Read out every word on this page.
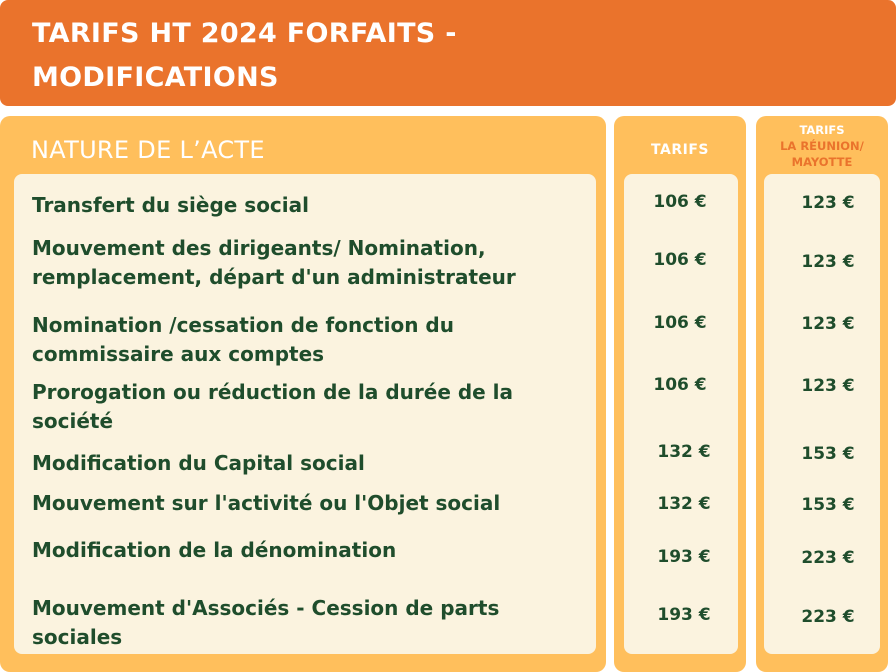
TARIFS HT 2024 FORFAITS -
MODIFICATIONS
NATURE DE L’ACTE	TARIFS
TARIFS
LA RÉUNION/
MAYOTTE
Transfert du siège social	106 €	123 €
Mouvement des dirigeants/ Nomination,
remplacement, départ d'un administrateur
106 €	123 €
Nomination /cessation de fonction du
commissaire aux comptes
106 €	123 €
Prorogation ou réduction de la durée de la
société
106 €	123 €
Modification du Capital social	132 €	153 €
Mouvement sur l'activité ou l'Objet social	132 €	153 €
Modification de la dénomination	193 €	223 €
Mouvement d'Associés - Cession de parts
sociales
193 €	223 €
